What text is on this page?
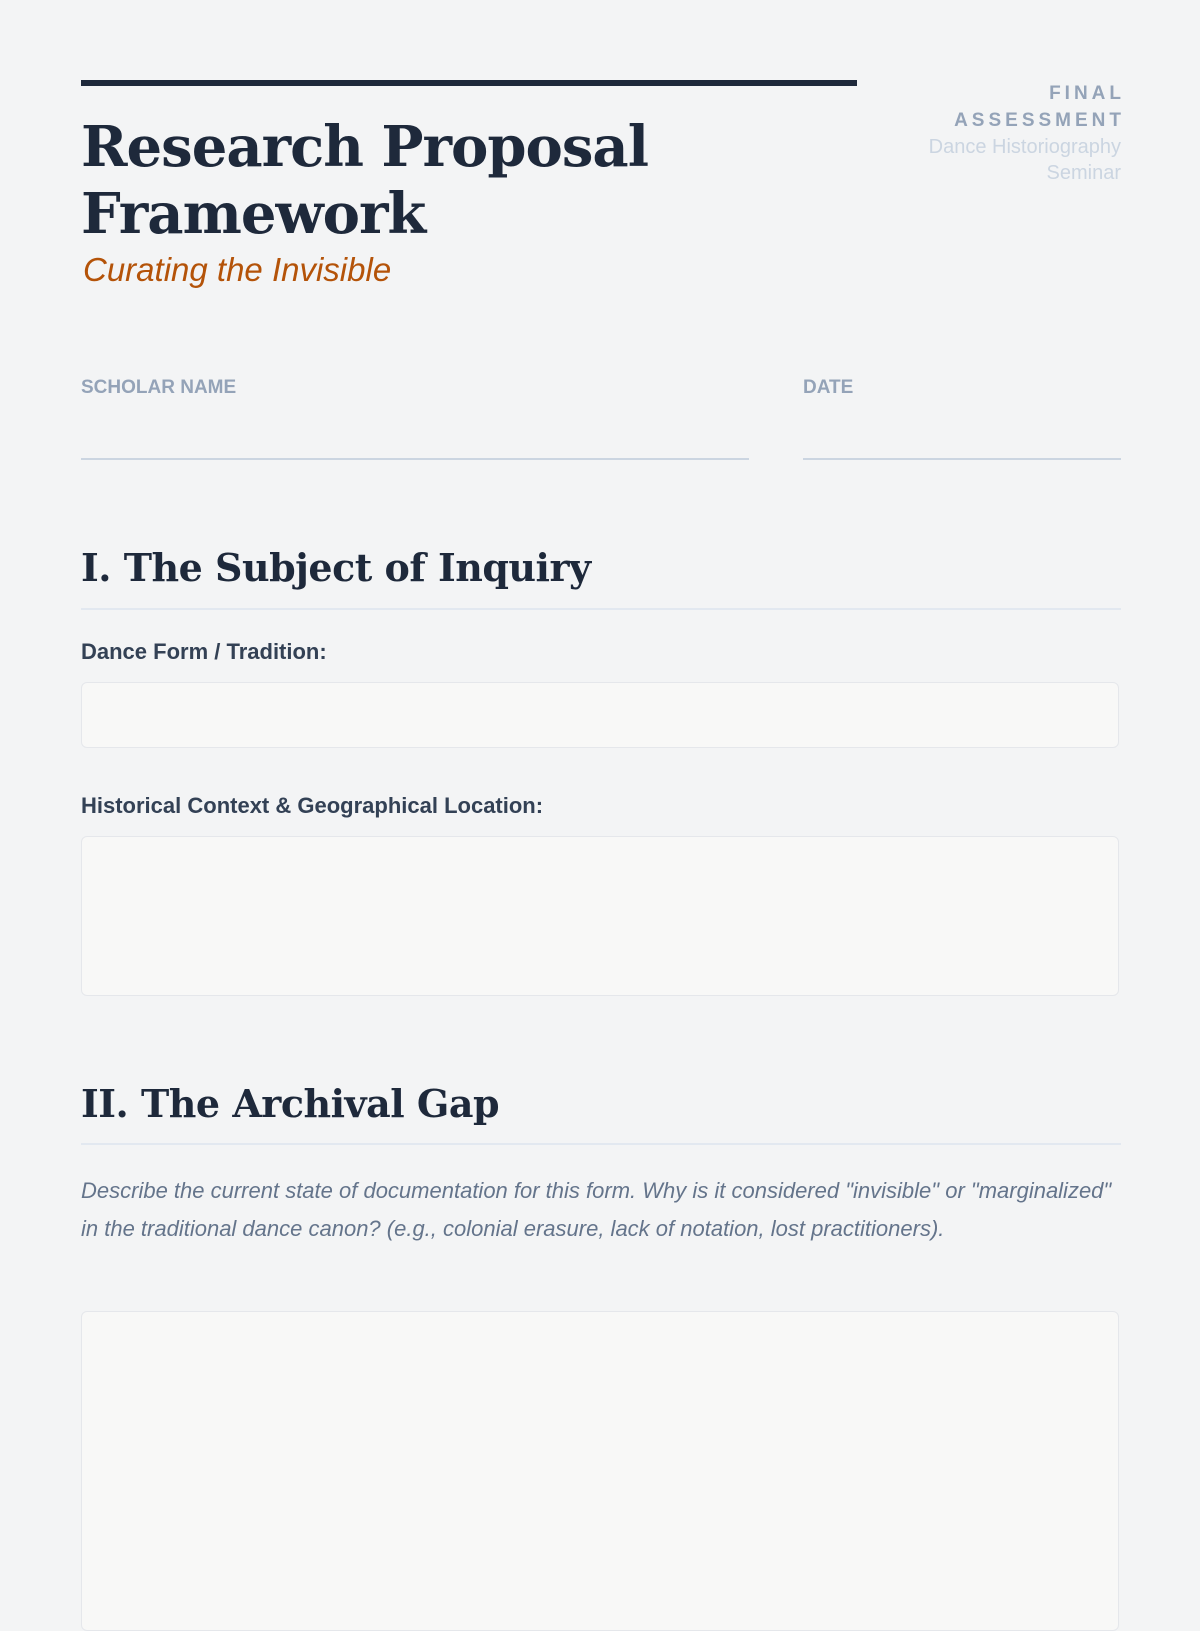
Research Proposal Framework

Curating the Invisible

FINAL
ASSESSMENT
Dance Historiography
Seminar
SCHOLAR NAME	DATE
I. The Subject of Inquiry
Dance Form / Tradition:
Historical Context & Geographical Location:
II. The Archival Gap

Describe the current state of documentation for this form. Why is it considered "invisible" or "marginalized" in the traditional dance canon? (e.g., colonial erasure, lack of notation, lost practitioners).
